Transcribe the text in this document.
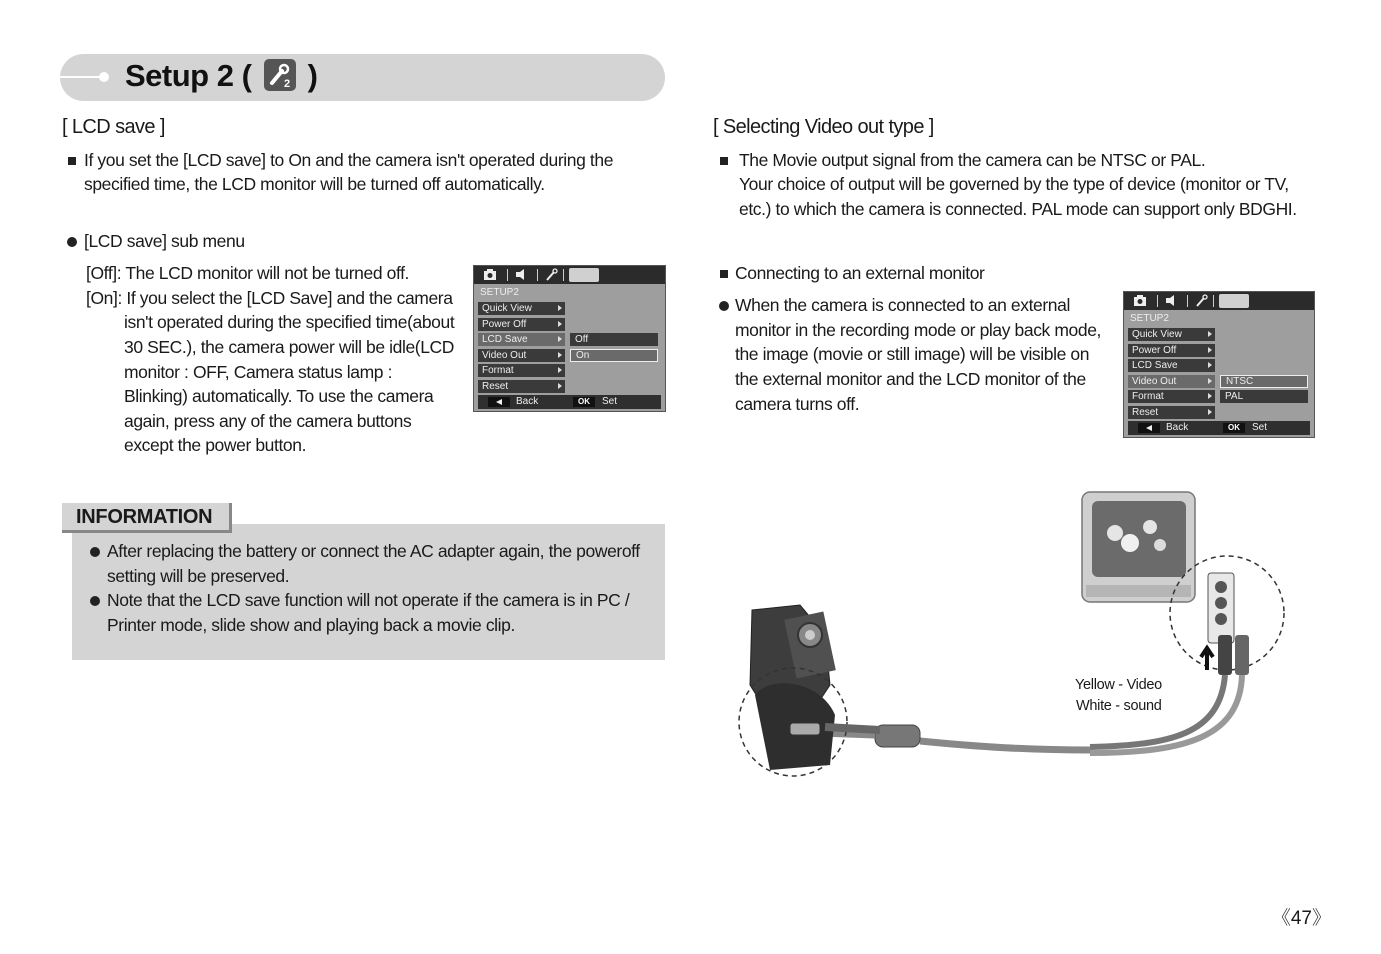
Setup 2 (	2 )
[ LCD save ]
If you set the [LCD save] to On and the camera isn't operated during the
specified time, the LCD monitor will be turned off automatically.
[LCD save] sub menu
[Off]: The LCD monitor will not be turned off.
[On]: If you select the [LCD Save] and the camera
isn't operated during the specified time(about
30 SEC.), the camera power will be idle(LCD
monitor : OFF, Camera status lamp :
Blinking) automatically. To use the camera
again, press any of the camera buttons
except the power button.
SETUP2
Quick View
Power Off
LCD Save
Video Out
Format
Reset
Off
On
Back	OK	Set
INFORMATION
After replacing the battery or connect the AC adapter again, the poweroff
setting will be preserved.
Note that the LCD save function will not operate if the camera is in PC /
Printer mode, slide show and playing back a movie clip.
[ Selecting Video out type ]
The Movie output signal from the camera can be NTSC or PAL.
Your choice of output will be governed by the type of device (monitor or TV,
etc.) to which the camera is connected. PAL mode can support only BDGHI.
Connecting to an external monitor
When the camera is connected to an external
monitor in the recording mode or play back mode,
the image (movie or still image) will be visible on
the external monitor and the LCD monitor of the
camera turns off.
SETUP2
Quick View
Power Off
LCD Save
Video Out
Format
Reset
NTSC
PAL
Back	OK	Set
Yellow - Video
White - sound
《47》
